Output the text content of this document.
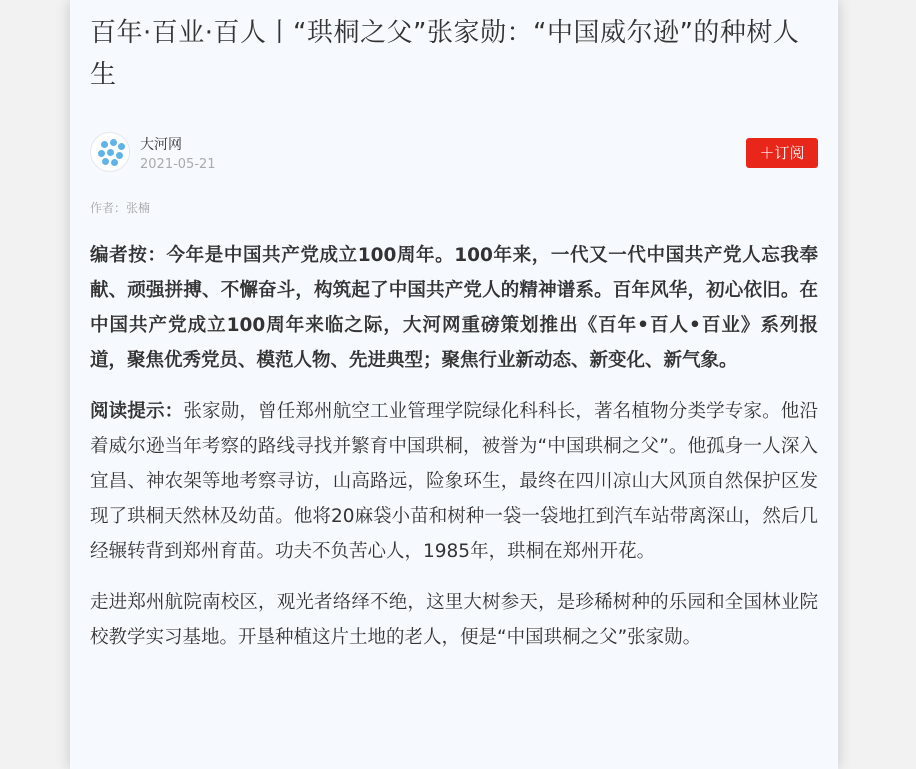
百年·百业·百人丨“珙桐之父”张家勋：“中国威尔逊”的种树人生
大河网
2021-05-21
＋订阅
作者：张楠

编者按：今年是中国共产党成立100周年。100年来，一代又一代中国共产党人忘我奉献、顽强拼搏、不懈奋斗，构筑起了中国共产党人的精神谱系。百年风华，初心依旧。在中国共产党成立100周年来临之际，大河网重磅策划推出《百年•百人•百业》系列报道，聚焦优秀党员、模范人物、先进典型；聚焦行业新动态、新变化、新气象。

阅读提示：张家勋，曾任郑州航空工业管理学院绿化科科长，著名植物分类学专家。他沿着威尔逊当年考察的路线寻找并繁育中国珙桐，被誉为“中国珙桐之父”。他孤身一人深入宜昌、神农架等地考察寻访，山高路远，险象环生，最终在四川凉山大风顶自然保护区发现了珙桐天然林及幼苗。他将20麻袋小苗和树种一袋一袋地扛到汽车站带离深山，然后几经辗转背到郑州育苗。功夫不负苦心人，1985年，珙桐在郑州开花。

走进郑州航院南校区，观光者络绎不绝，这里大树参天，是珍稀树种的乐园和全国林业院校教学实习基地。开垦种植这片土地的老人，便是“中国珙桐之父”张家勋。
